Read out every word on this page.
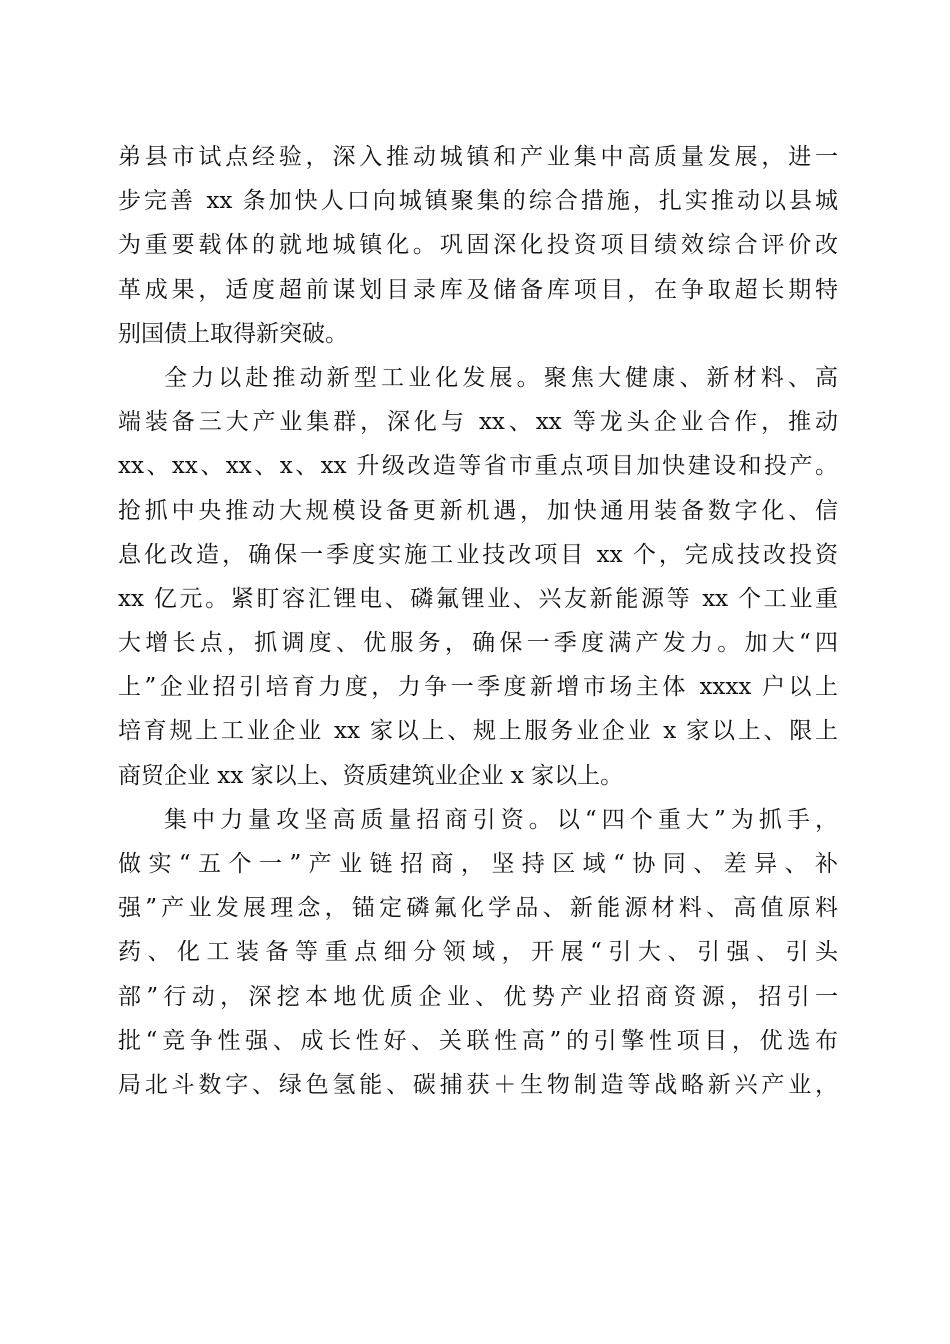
弟县市试点经验，深入推动城镇和产业集中高质量发展，进一
步完善 xx 条加快人口向城镇聚集的综合措施，扎实推动以县城
为重要载体的就地城镇化。巩固深化投资项目绩效综合评价改
革成果，适度超前谋划目录库及储备库项目，在争取超长期特
别国债上取得新突破。
全力以赴推动新型工业化发展。聚焦大健康、新材料、高
端装备三大产业集群，深化与 xx、xx 等龙头企业合作，推动
xx、xx、xx、x、xx 升级改造等省市重点项目加快建设和投产。
抢抓中央推动大规模设备更新机遇，加快通用装备数字化、信
息化改造，确保一季度实施工业技改项目 xx 个，完成技改投资
xx 亿元。紧盯容汇锂电、磷氟锂业、兴友新能源等 xx 个工业重
大增长点，抓调度、优服务，确保一季度满产发力。加大“四
上”企业招引培育力度，力争一季度新增市场主体 xxxx 户以上
培育规上工业企业 xx 家以上、规上服务业企业 x 家以上、限上
商贸企业 xx 家以上、资质建筑业企业 x 家以上。
集中力量攻坚高质量招商引资。以“四个重大”为抓手，
做实“五个一”产业链招商，坚持区域“协同、差异、补
强”产业发展理念，锚定磷氟化学品、新能源材料、高值原料
药、化工装备等重点细分领域，开展“引大、引强、引头
部”行动，深挖本地优质企业、优势产业招商资源，招引一
批“竞争性强、成长性好、关联性高”的引擎性项目，优选布
局北斗数字、绿色氢能、碳捕获＋生物制造等战略新兴产业，
